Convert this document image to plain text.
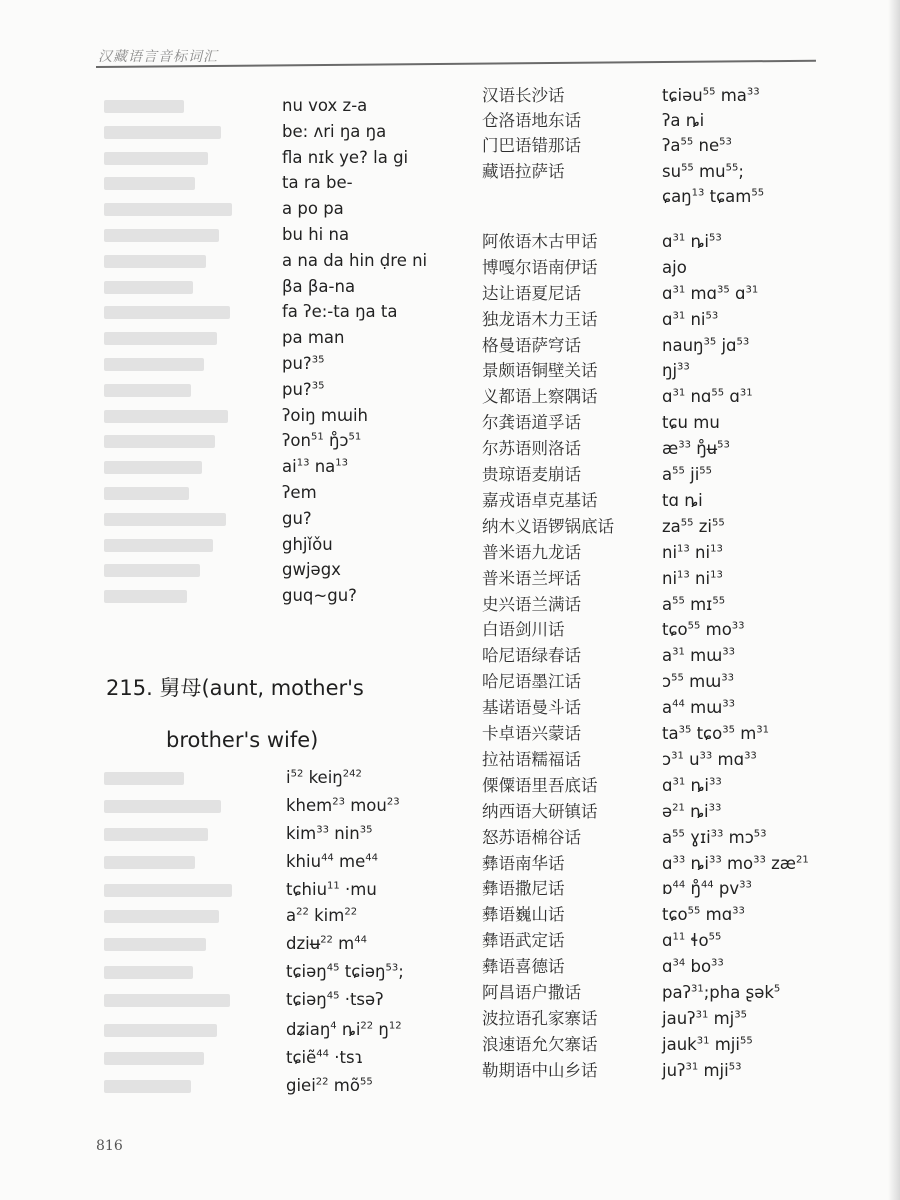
汉藏语言音标词汇
nu vox z-a
be: ʌri ŋa ŋa
fla nɪk ye? la gi
ta ra be-
a po pa
bu hi na
a na da hin ḍre ni
βa βa-na
fa ʔe:-ta ŋa ta
pa man
pu?$^{35}$
pu?$^{35}$
ʔoiŋ mɯih
ʔon$^{51}$ ŋ̊ɔ$^{51}$
$ai^{13}$ $na^{13}$
ʔem
gu?
ghjǐǒu
gwjəgx
guq~gu?
215. 舅母(aunt, mother's
brother's wife)
$i^{52}$ keiŋ$^{242}$
khem$^{23}$ mou$^{23}$
kim$^{33}$ nin$^{35}$
khiu$^{44}$ $me^{44}$
tɕhiu$^{11}$ ·mu
$a^{22}$ kim$^{22}$
dziʉ$^{22}$ $m^{44}$
tɕiəŋ$^{45}$ tɕiəŋ$^{53}$;
tɕiəŋ$^{45}$ ·tsəʔ
dʑiaŋ$^4$ $ȵi^{22}$ $ŋ^{12}$
tɕiẽ$^{44}$ ·tsɿ
giei$^{22}$ $mõ^{55}$
汉语长沙话	tɕiəu$^{55}$ $ma^{33}$
仓洛语地东话	ʔa ȵi
门巴语错那话	ʔa$^{55}$ $ne^{53}$
藏语拉萨话	$su^{55}$ $mu^{55}$;
ɕaŋ$^{13}$ tɕam$^{55}$
阿侬语木古甲话	ɑ$^{31}$ $ȵi^{53}$
博嘎尔语南伊话	ajo
达让语夏尼话	ɑ$^{31}$ mɑ$^{35}$ ɑ$^{31}$
独龙语木力王话	ɑ$^{31}$ $ni^{53}$
格曼语萨穹话	nauŋ$^{35}$ jɑ$^{53}$
景颇语铜壁关话	$ŋj^{33}$
义都语上察隅话	ɑ$^{31}$ nɑ$^{55}$ ɑ$^{31}$
尔龚语道孚话	tɕu mu
尔苏语则洛话	$æ^{33}$ ŋ̊ʉ$^{53}$
贵琼语麦崩话	$a^{55}$ $ji^{55}$
嘉戎语卓克基话	tɑ ȵi
纳木义语锣锅底话	$za^{55}$ $zi^{55}$
普米语九龙话	$ni^{13}$ $ni^{13}$
普米语兰坪话	$ni^{13}$ $ni^{13}$
史兴语兰满话	$a^{55}$ mɪ$^{55}$
白语剑川话	tɕo$^{55}$ $mo^{33}$
哈尼语绿春话	$a^{31}$ mɯ$^{33}$
哈尼语墨江话	ɔ$^{55}$ mɯ$^{33}$
基诺语曼斗话	$a^{44}$ mɯ$^{33}$
卡卓语兴蒙话	$ta^{35}$ tɕo$^{35}$ $m^{31}$
拉祜语糯福话	ɔ$^{31}$ $u^{33}$ mɑ$^{33}$
傈僳语里吾底话	ɑ$^{31}$ $ȵi^{33}$
纳西语大研镇话	ə$^{21}$ $ȵi^{33}$
怒苏语棉谷话	$a^{55}$ ɣɪi$^{33}$ mɔ$^{53}$
彝语南华话	ɑ$^{33}$ $ȵi^{33}$ $mo^{33}$ $zæ^{21}$
彝语撒尼话	ɒ$^{44}$ ŋ̊$^{44}$ $pv^{33}$
彝语巍山话	tɕo$^{55}$ mɑ$^{33}$
彝语武定话	ɑ$^{11}$ ɬo$^{55}$
彝语喜德话	ɑ$^{34}$ $bo^{33}$
阿昌语户撒话	paʔ$^{31}$;pha ʂək$^5$
波拉语孔家寨话	jauʔ$^{31}$ $mj^{35}$
浪速语允欠寨话	jauk$^{31}$ mji$^{55}$
勒期语中山乡话	juʔ$^{31}$ mji$^{53}$
816
